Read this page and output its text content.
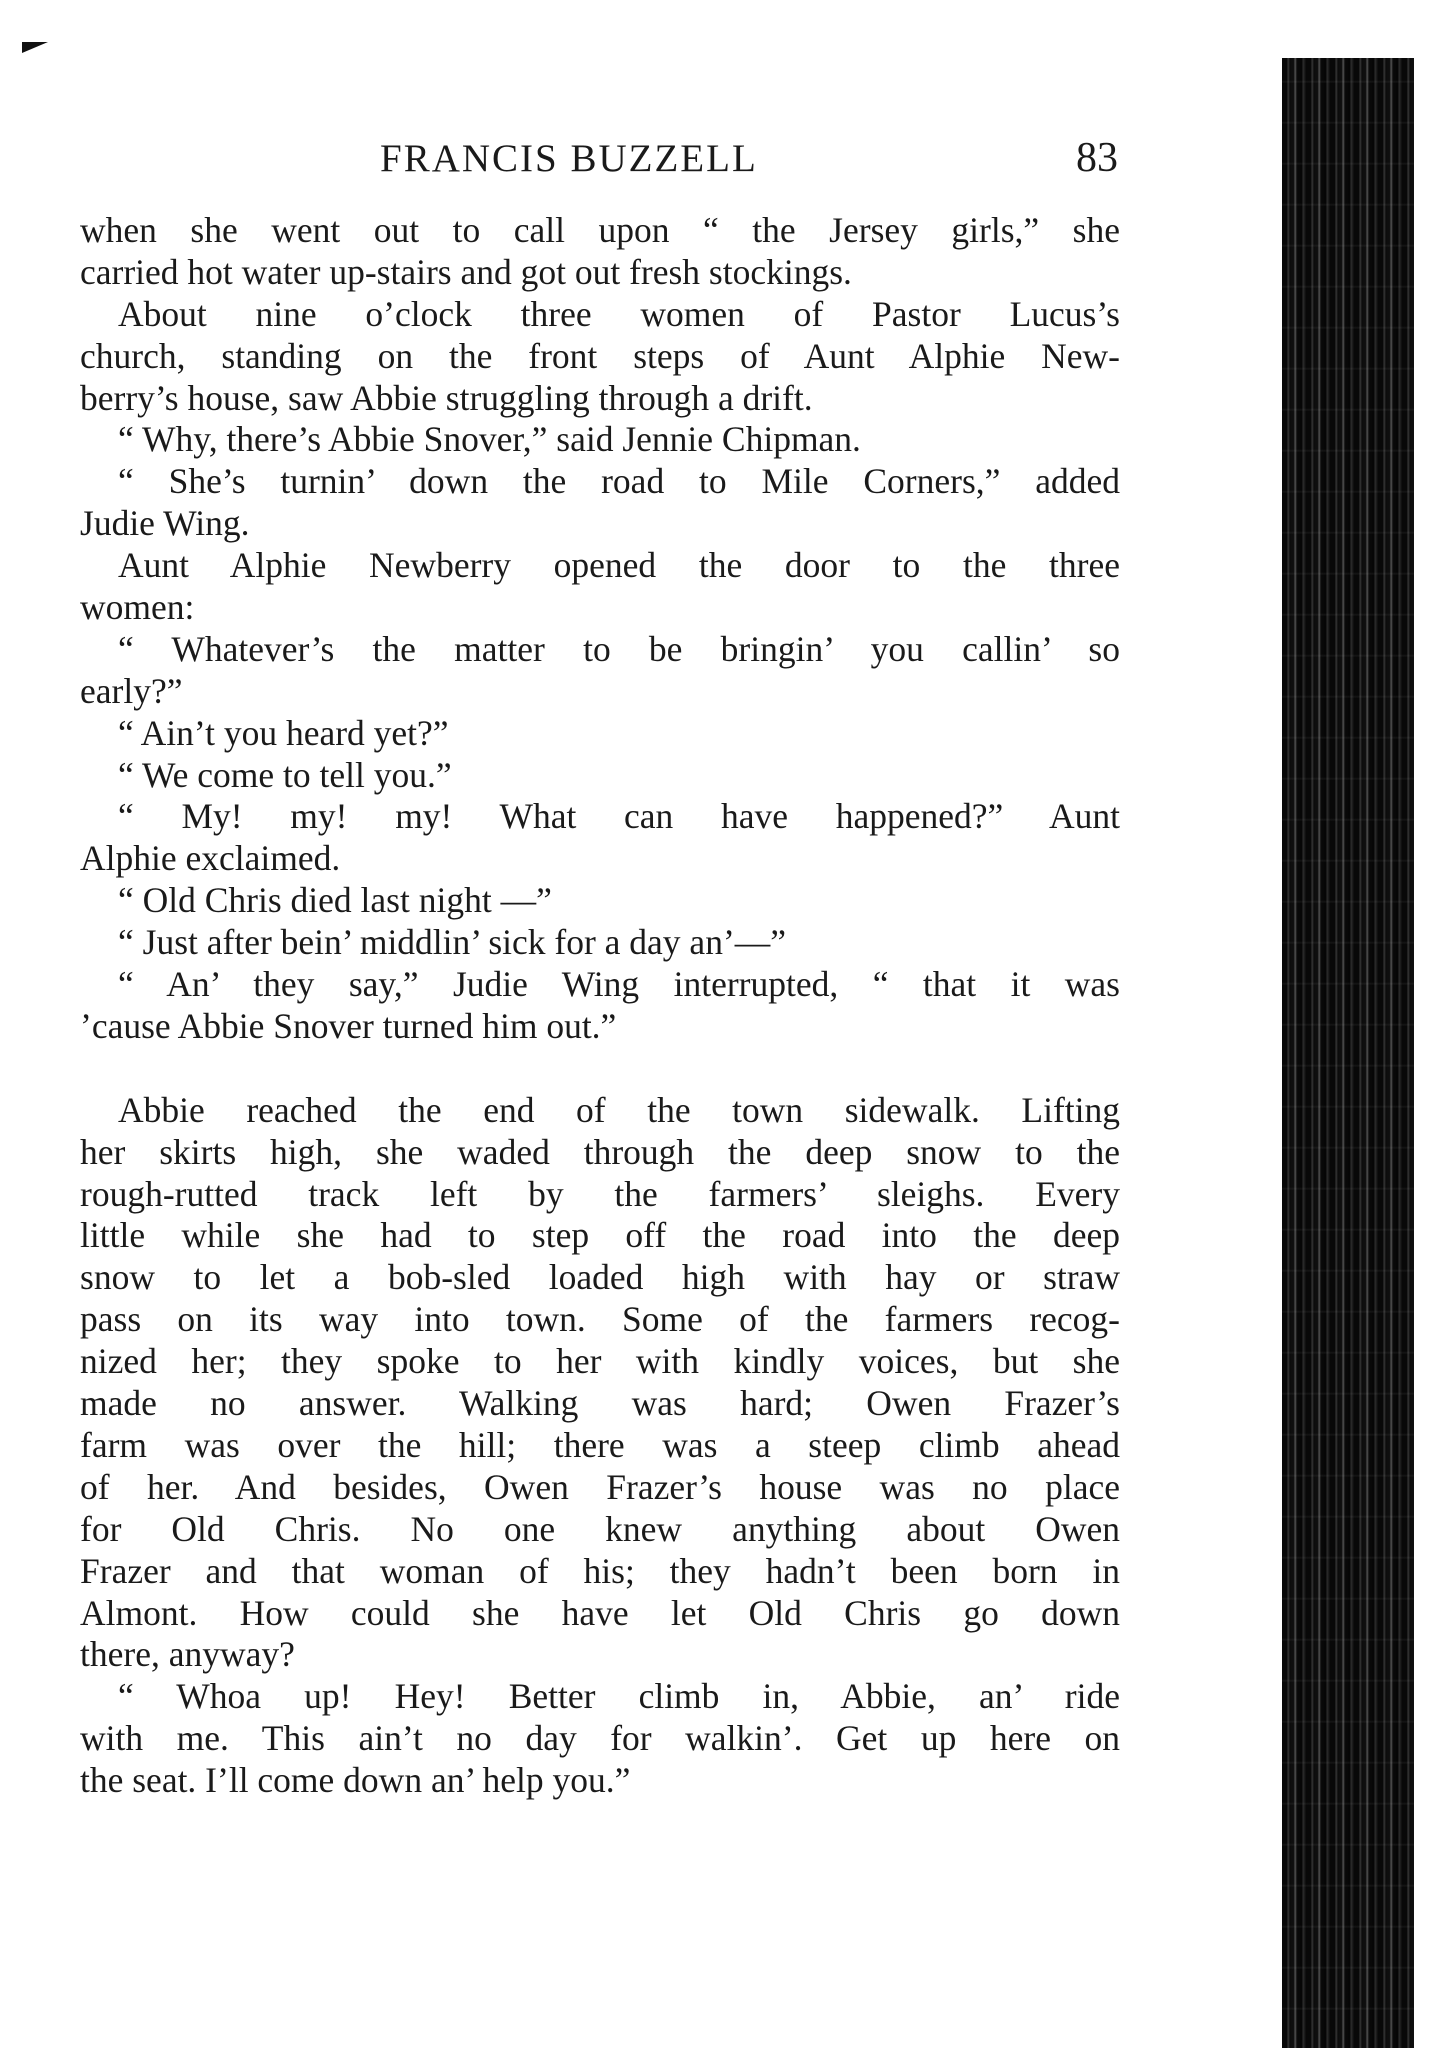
FRANCIS BUZZELL	83
when she went out to call upon “ the Jersey girls,” she
carried hot water up-stairs and got out fresh stockings.
About nine o’clock three women of Pastor Lucus’s
church, standing on the front steps of Aunt Alphie New-
berry’s house, saw Abbie struggling through a drift.
“ Why, there’s Abbie Snover,” said Jennie Chipman.
“ She’s turnin’ down the road to Mile Corners,” added
Judie Wing.
Aunt Alphie Newberry opened the door to the three
women:
“ Whatever’s the matter to be bringin’ you callin’ so
early?”
“ Ain’t you heard yet?”
“ We come to tell you.”
“ My! my! my! What can have happened?” Aunt
Alphie exclaimed.
“ Old Chris died last night —”
“ Just after bein’ middlin’ sick for a day an’—”
“ An’ they say,” Judie Wing interrupted, “ that it was
’cause Abbie Snover turned him out.”
Abbie reached the end of the town sidewalk. Lifting
her skirts high, she waded through the deep snow to the
rough-rutted track left by the farmers’ sleighs. Every
little while she had to step off the road into the deep
snow to let a bob-sled loaded high with hay or straw
pass on its way into town. Some of the farmers recog-
nized her; they spoke to her with kindly voices, but she
made no answer. Walking was hard; Owen Frazer’s
farm was over the hill; there was a steep climb ahead
of her. And besides, Owen Frazer’s house was no place
for Old Chris. No one knew anything about Owen
Frazer and that woman of his; they hadn’t been born in
Almont. How could she have let Old Chris go down
there, anyway?
“ Whoa up! Hey! Better climb in, Abbie, an’ ride
with me. This ain’t no day for walkin’. Get up here on
the seat. I’ll come down an’ help you.”
